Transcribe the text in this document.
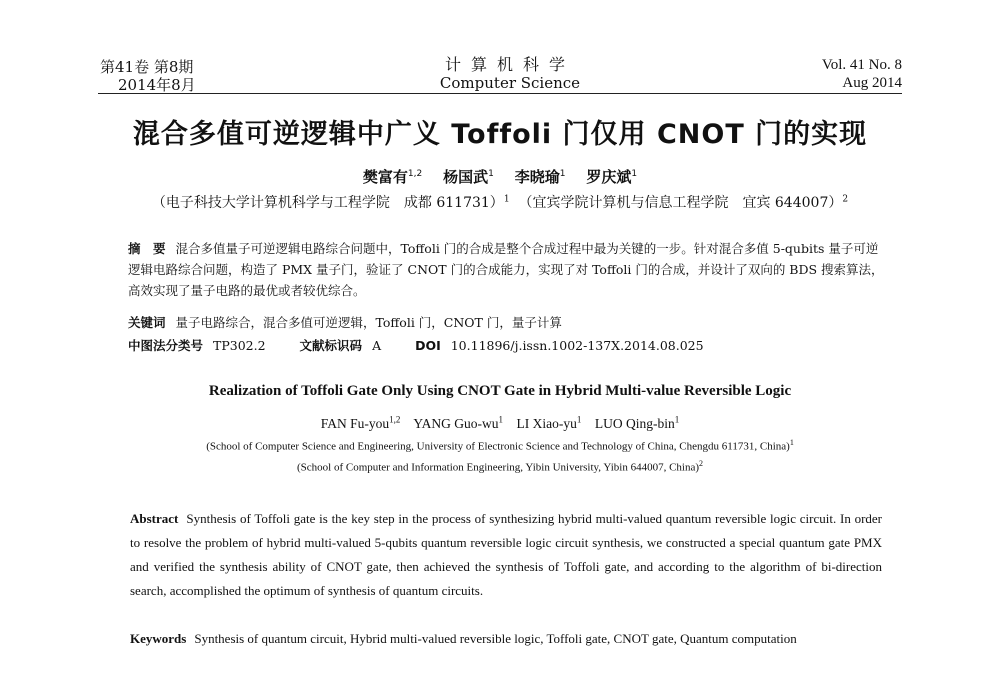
第41卷 第8期
2014年8月
计算机科学
Computer Science
Vol. 41 No. 8
Aug 2014
混合多值可逆逻辑中广义 Toffoli 门仅用 CNOT 门的实现
樊富有$^{1,2}$ 杨国武$^1$ 李晓瑜$^1$ 罗庆斌$^1$
（电子科技大学计算机科学与工程学院　成都 611731）$^1$ （宜宾学院计算机与信息工程学院　宜宾 644007）$^2$
摘　要 混合多值量子可逆逻辑电路综合问题中，Toffoli 门的合成是整个合成过程中最为关键的一步。针对混合多值 5-qubits 量子可逆逻辑电路综合问题，构造了 PMX 量子门，验证了 CNOT 门的合成能力，实现了对 Toffoli 门的合成，并设计了双向的 BDS 搜索算法，高效实现了量子电路的最优或者较优综合。
关键词 量子电路综合，混合多值可逆逻辑，Toffoli 门，CNOT 门，量子计算
中图法分类号 TP302.2	文献标识码 A	DOI 10.11896/j.issn.1002-137X.2014.08.025
Realization of Toffoli Gate Only Using CNOT Gate in Hybrid Multi-value Reversible Logic
FAN Fu-you$^{1,2}$ YANG Guo-$wu^1$ LI Xiao-$yu^1$ LUO Qing-bin$^1$
(School of Computer Science and Engineering, University of Electronic Science and Technology of China, Chengdu 611731, China)$^1$
(School of Computer and Information Engineering, Yibin University, Yibin 644007, China)$^2$
Abstract Synthesis of Toffoli gate is the key step in the process of synthesizing hybrid multi-valued quantum reversible logic circuit. In order to resolve the problem of hybrid multi-valued 5-qubits quantum reversible logic circuit synthesis, we constructed a special quantum gate PMX and verified the synthesis ability of CNOT gate, then achieved the synthesis of Toffoli gate, and according to the algorithm of bi-direction search, accomplished the optimum of synthesis of quantum circuits.
Keywords Synthesis of quantum circuit, Hybrid multi-valued reversible logic, Toffoli gate, CNOT gate, Quantum computation
